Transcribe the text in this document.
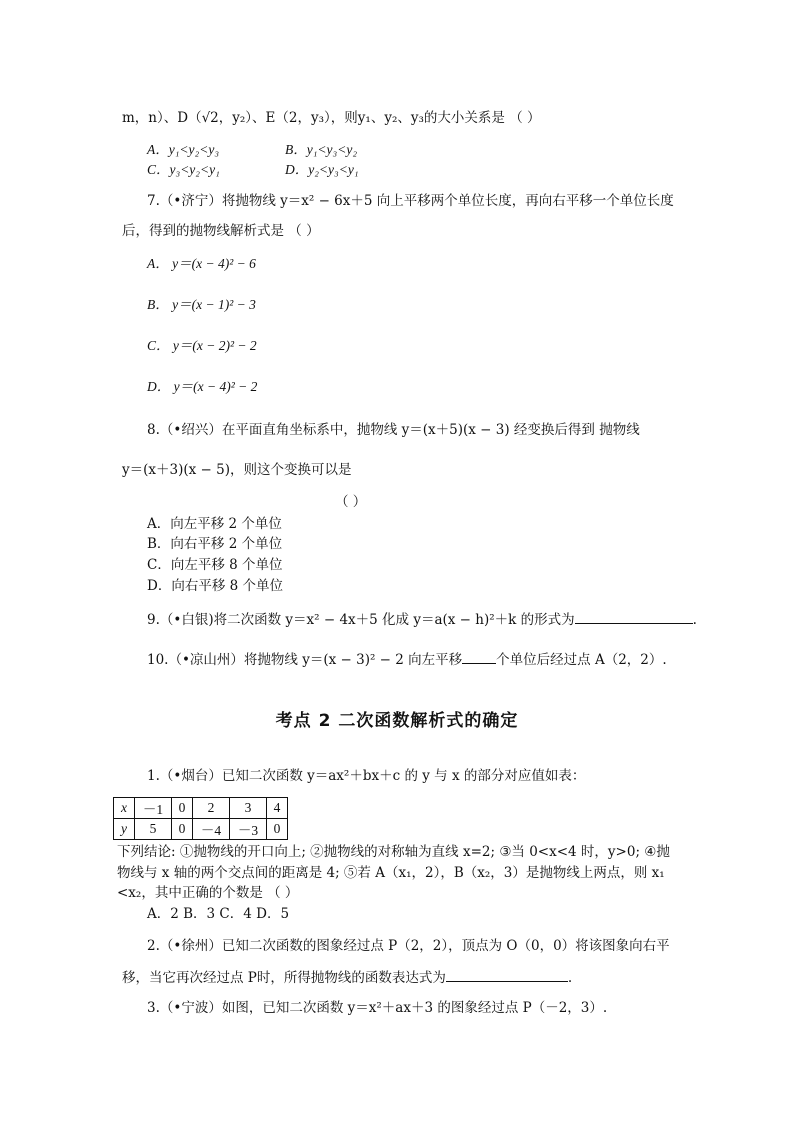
m，n）、D（√2，y₂）、E（2，y₃），则y₁、y₂、y₃的大小关系是 （ ）
A．y₁<y₂<y₃	B．y₁<y₃<y₂
C．y₃<y₂<y₁	D．y₂<y₃<y₁
7.（•济宁）将抛物线 y＝x² − 6x＋5 向上平移两个单位长度，再向右平移一个单位长度
后，得到的抛物线解析式是 （ ）
A． y＝(x − 4)² − 6
B． y＝(x − 1)² − 3
C． y＝(x − 2)² − 2
D． y＝(x − 4)² − 2
8.（•绍兴）在平面直角坐标系中，抛物线 y＝(x＋5)(x − 3) 经变换后得到 抛物线
y＝(x＋3)(x − 5)，则这个变换可以是
（ ）
A．向左平移 2 个单位
B．向右平移 2 个单位
C．向左平移 8 个单位
D．向右平移 8 个单位
9.（•白银)将二次函数 y＝x² − 4x＋5 化成 y＝a(x − h)²＋k 的形式为	.
10.（•凉山州）将抛物线 y＝(x − 3)² − 2 向左平移	个单位后经过点 A（2，2）.
考点 2 二次函数解析式的确定
1.（•烟台）已知二次函数 y＝ax²＋bx＋c 的 y 与 x 的部分对应值如表：
x	－1	0	2	3	4
y	5	0	－4	－3	0
下列结论: ①抛物线的开口向上; ②抛物线的对称轴为直线 x=2; ③当 0<x<4 时，y>0; ④抛
物线与 x 轴的两个交点间的距离是 4; ⑤若 A（x₁，2），B（x₂，3）是抛物线上两点，则 x₁
<x₂，其中正确的个数是 （ ）
A．2 B．3 C．4 D．5
2.（•徐州）已知二次函数的图象经过点 P（2，2），顶点为 O（0，0）将该图象向右平
移，当它再次经过点 P时，所得抛物线的函数表达式为	.
3.（•宁波）如图，已知二次函数 y＝x²＋ax＋3 的图象经过点 P（－2，3）.
